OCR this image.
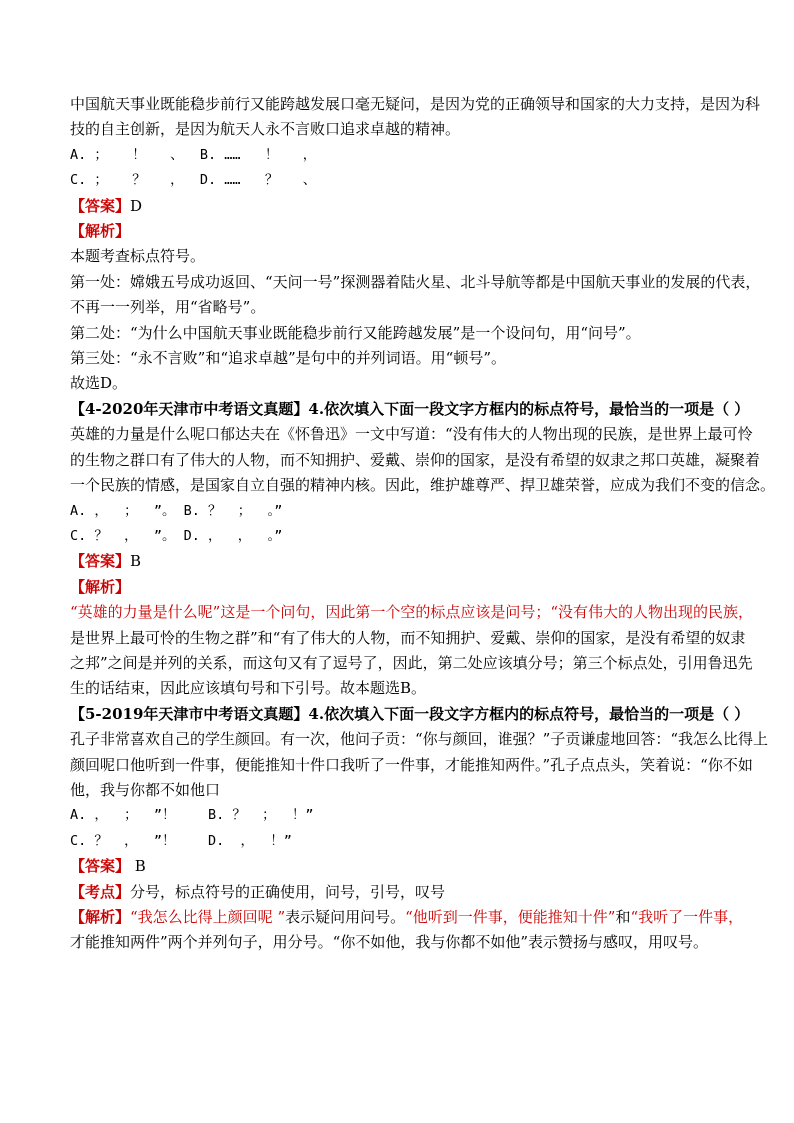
中国航天事业既能稳步前行又能跨越发展口毫无疑问，是因为党的正确领导和国家的大力支持，是因为科
技的自主创新，是因为航天人永不言败口追求卓越的精神。
A. ；   ！   、  B. ……   ！   ，
C. ；   ？   ，  D. ……   ？   、
【答案】D
【解析】
本题考查标点符号。
第一处：嫦娥五号成功返回、“天问一号”探测器着陆火星、北斗导航等都是中国航天事业的发展的代表，
不再一一列举，用“省略号”。
第二处：“为什么中国航天事业既能稳步前行又能跨越发展”是一个设问句，用“问号”。
第三处：“永不言败”和“追求卓越”是句中的并列词语。用“顿号”。
故选D。
【4-2020年天津市中考语文真题】4.依次填入下面一段文字方框内的标点符号，最恰当的一项是（ ）
英雄的力量是什么呢口郁达夫在《怀鲁迅》一文中写道：“没有伟大的人物出现的民族，是世界上最可怜
的生物之群口有了伟大的人物，而不知拥护、爱戴、崇仰的国家，是没有希望的奴隶之邦口英雄，凝聚着
一个民族的情感，是国家自立自强的精神内核。因此，维护雄尊严、捍卫雄荣誉，应成为我们不变的信念。
A. ，  ；  ”。 B. ？  ；  。”
C. ？  ，  ”。 D. ，  ，  。”
【答案】B
【解析】
“英雄的力量是什么呢”这是一个问句，因此第一个空的标点应该是问号；“没有伟大的人物出现的民族，
是世界上最可怜的生物之群”和“有了伟大的人物，而不知拥护、爱戴、崇仰的国家，是没有希望的奴隶
之邦”之间是并列的关系，而这句又有了逗号了，因此，第二处应该填分号；第三个标点处，引用鲁迅先
生的话结束，因此应该填句号和下引号。故本题选B。
【5-2019年天津市中考语文真题】4.依次填入下面一段文字方框内的标点符号，最恰当的一项是（ ）
孔子非常喜欢自己的学生颜回。有一次，他问子贡：“你与颜回，谁强？”子贡谦虚地回答：“我怎么比得上
颜回呢口他听到一件事，便能推知十件口我听了一件事，才能推知两件。”孔子点点头，笑着说：“你不如
他，我与你都不如他口
A. ，  ；  ”！    B. ？  ；  ！”
C. ？  ，  ”！    D.  ，  ！”
【答案】 B
【考点】分号，标点符号的正确使用，问号，引号，叹号
【解析】“我怎么比得上颜回呢 ”表示疑问用问号。“他听到一件事，便能推知十件”和“我听了一件事，
才能推知两件”两个并列句子，用分号。“你不如他，我与你都不如他”表示赞扬与感叹，用叹号。
